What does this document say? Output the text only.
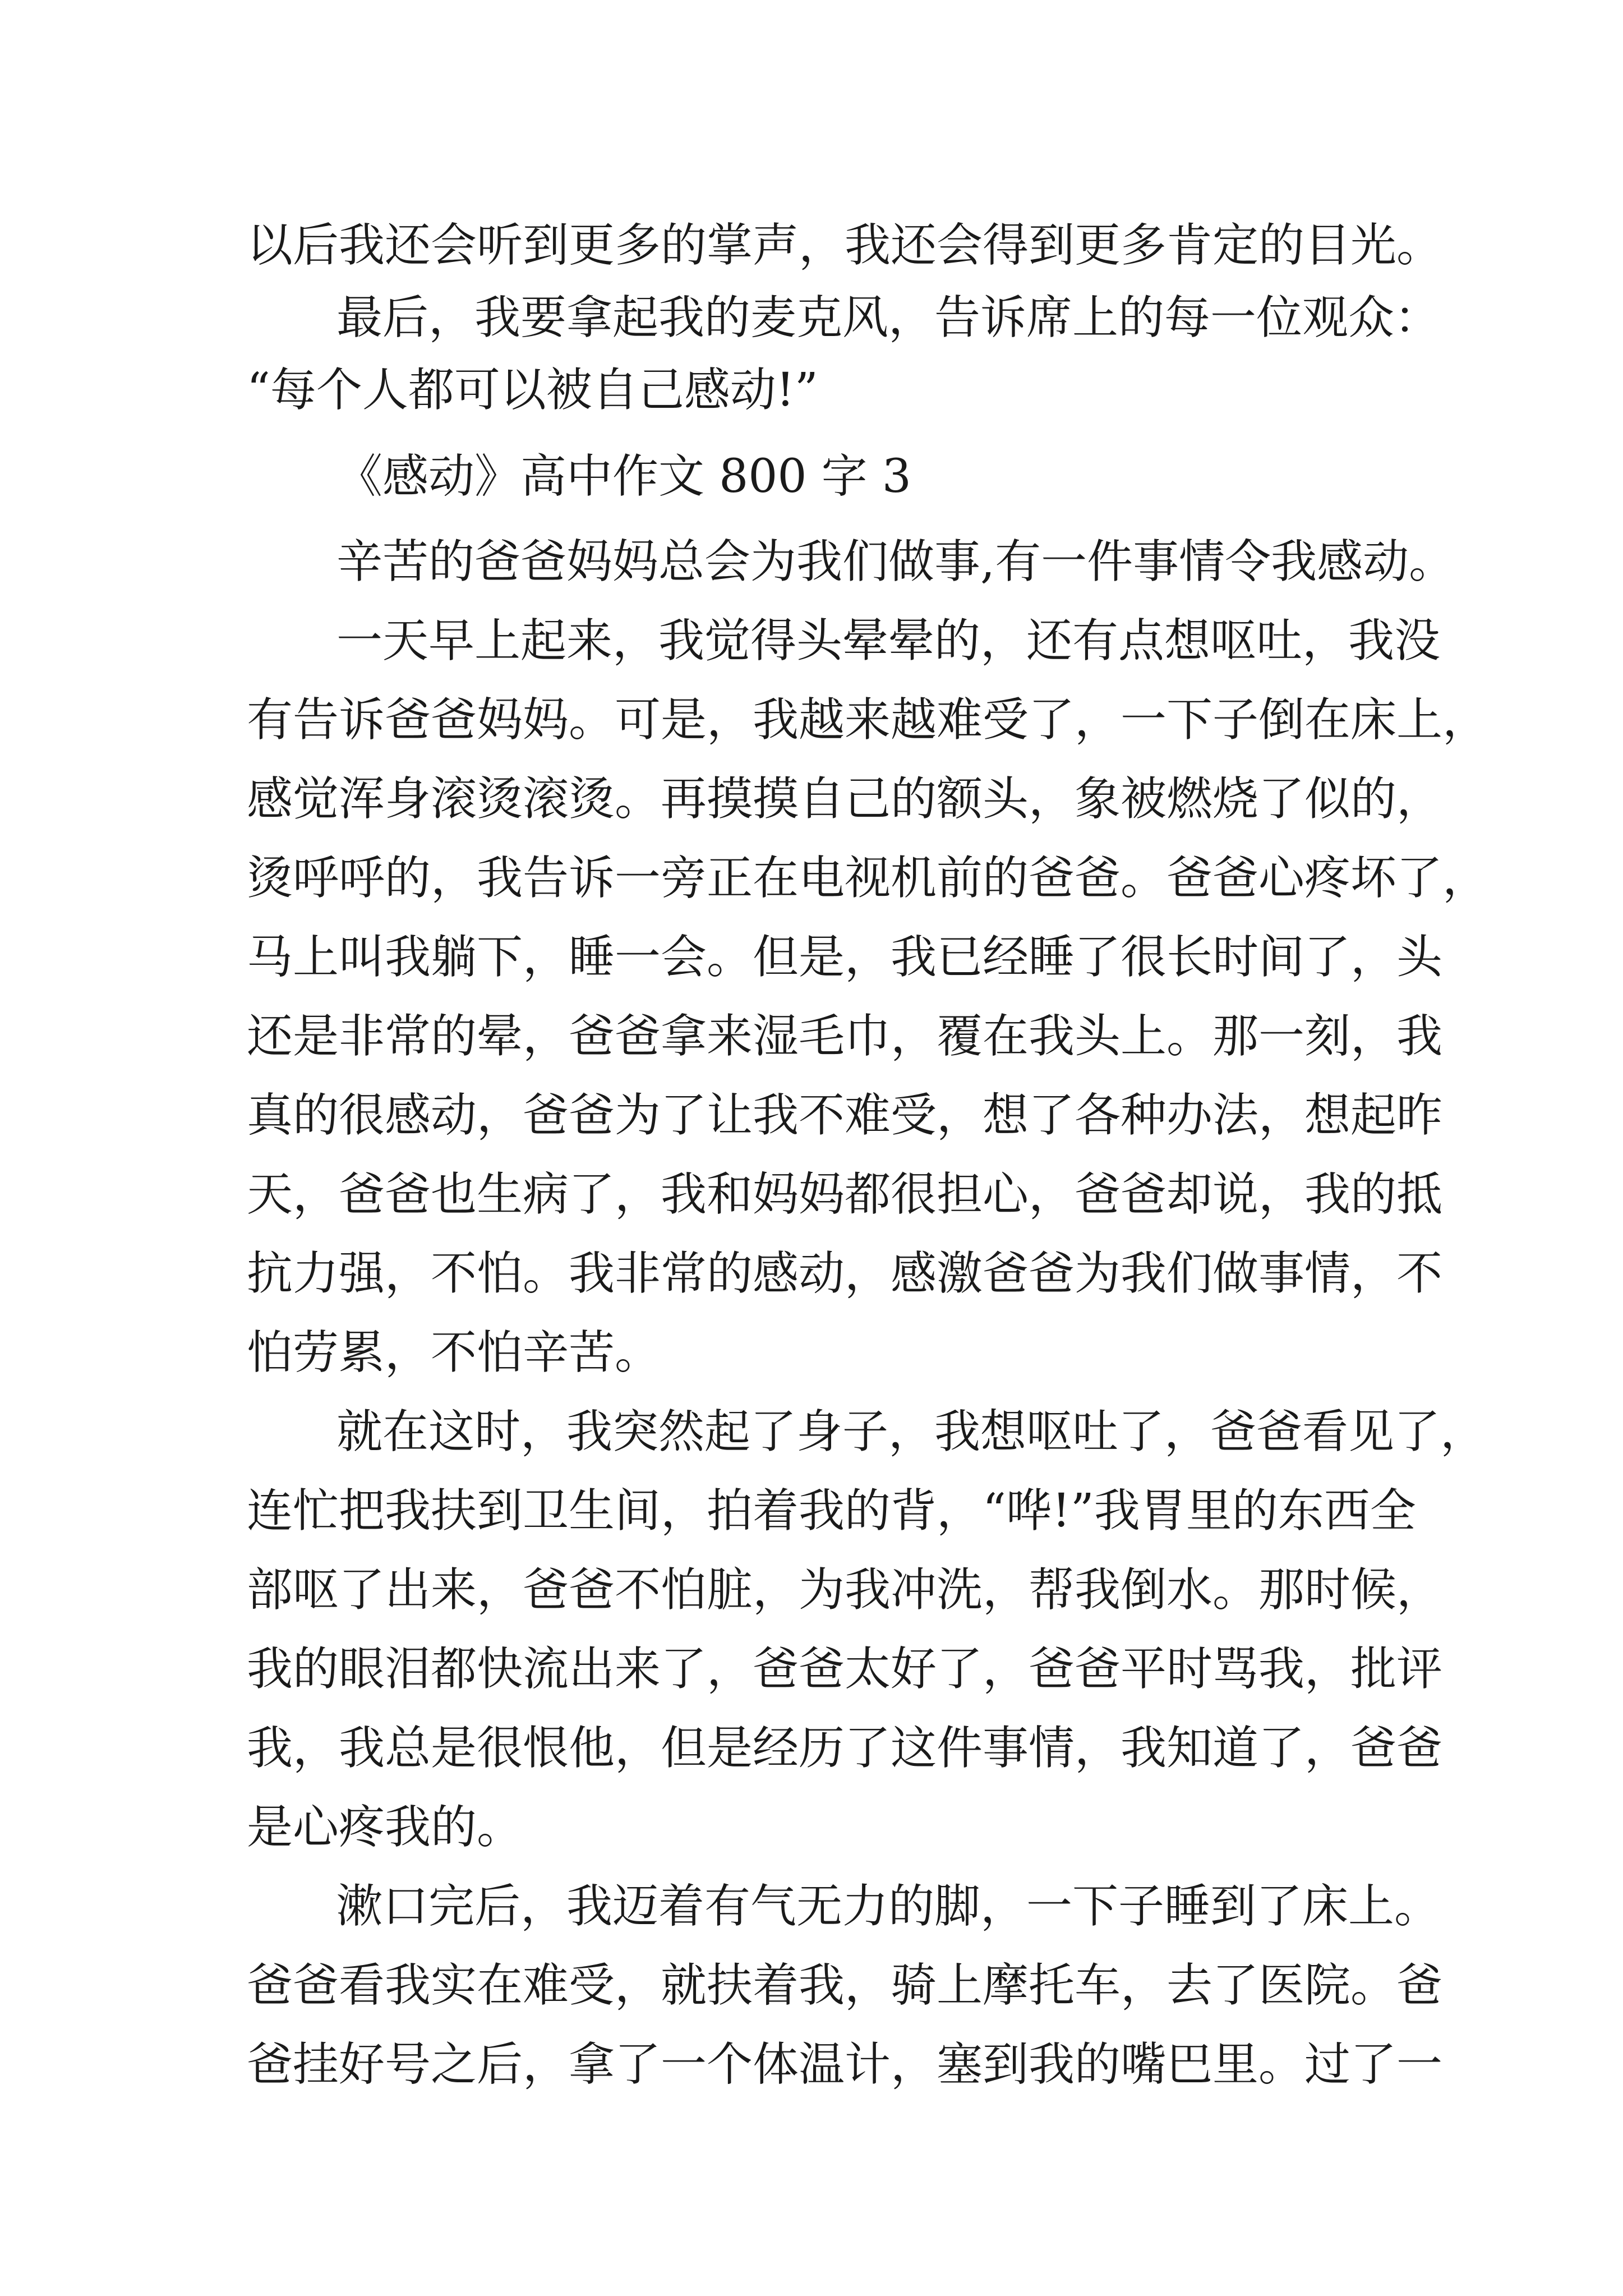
以后我还会听到更多的掌声，我还会得到更多肯定的目光。

最后，我要拿起我的麦克风，告诉席上的每一位观众：

“每个人都可以被自己感动!”

《感动》高中作文 800 字 3

辛苦的爸爸妈妈总会为我们做事,有一件事情令我感动。

一天早上起来，我觉得头晕晕的，还有点想呕吐，我没

有告诉爸爸妈妈。可是，我越来越难受了，一下子倒在床上，

感觉浑身滚烫滚烫。再摸摸自己的额头，象被燃烧了似的，

烫呼呼的，我告诉一旁正在电视机前的爸爸。爸爸心疼坏了，

马上叫我躺下，睡一会。但是，我已经睡了很长时间了，头

还是非常的晕，爸爸拿来湿毛巾，覆在我头上。那一刻，我

真的很感动，爸爸为了让我不难受，想了各种办法，想起昨

天，爸爸也生病了，我和妈妈都很担心，爸爸却说，我的抵

抗力强，不怕。我非常的感动，感激爸爸为我们做事情，不

怕劳累，不怕辛苦。

就在这时，我突然起了身子，我想呕吐了，爸爸看见了，

连忙把我扶到卫生间，拍着我的背，“哗!”我胃里的东西全

部呕了出来，爸爸不怕脏，为我冲洗，帮我倒水。那时候，

我的眼泪都快流出来了，爸爸太好了，爸爸平时骂我，批评

我，我总是很恨他，但是经历了这件事情，我知道了，爸爸

是心疼我的。

漱口完后，我迈着有气无力的脚，一下子睡到了床上。

爸爸看我实在难受，就扶着我，骑上摩托车，去了医院。爸

爸挂好号之后，拿了一个体温计，塞到我的嘴巴里。过了一
